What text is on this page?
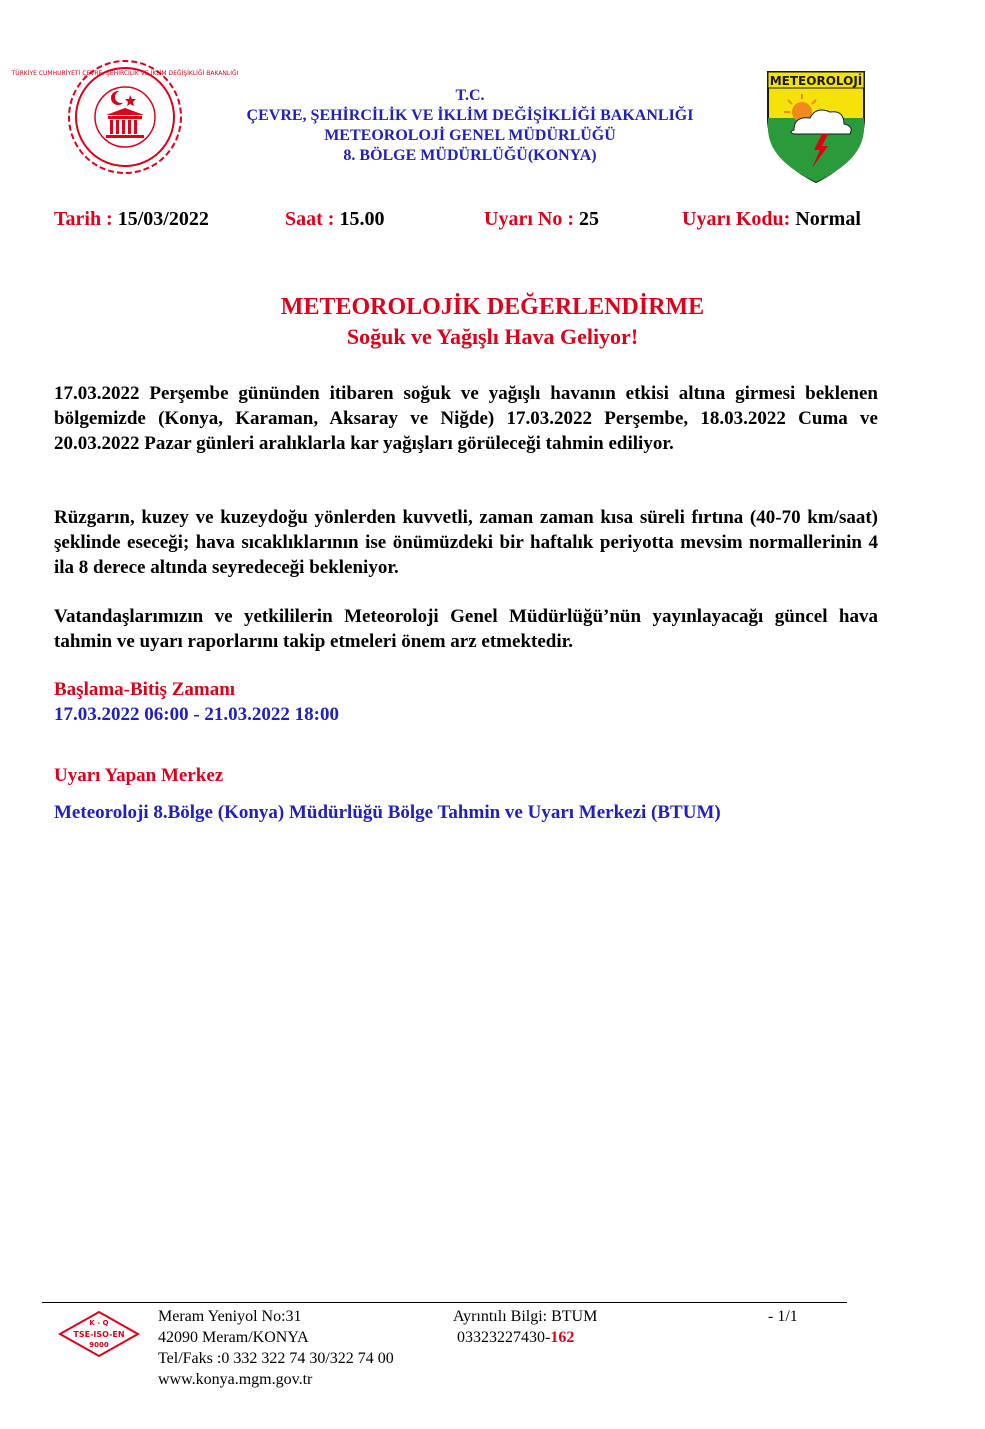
TÜRKİYE CUMHURİYETİ ÇEVRE, ŞEHİRCİLİK VE İKLİM DEĞİŞİKLİĞİ BAKANLIĞI
T.C.
ÇEVRE, ŞEHİRCİLİK VE İKLİM DEĞİŞİKLİĞİ BAKANLIĞI
METEOROLOJİ GENEL MÜDÜRLÜĞÜ
8. BÖLGE MÜDÜRLÜĞÜ(KONYA)
METEOROLOJİ
Tarih : 15/03/2022	Saat : 15.00	Uyarı No : 25	Uyarı Kodu: Normal
METEOROLOJİK DEĞERLENDİRME
Soğuk ve Yağışlı Hava Geliyor!

17.03.2022 Perşembe gününden itibaren soğuk ve yağışlı havanın etkisi altına girmesi beklenen bölgemizde (Konya, Karaman, Aksaray ve Niğde) 17.03.2022 Perşembe, 18.03.2022 Cuma ve 20.03.2022 Pazar günleri aralıklarla kar yağışları görüleceği tahmin ediliyor.

Rüzgarın, kuzey ve kuzeydoğu yönlerden kuvvetli, zaman zaman kısa süreli fırtına (40-70 km/saat) şeklinde eseceği; hava sıcaklıklarının ise önümüzdeki bir haftalık periyotta mevsim normallerinin 4 ila 8 derece altında seyredeceği bekleniyor.

Vatandaşlarımızın ve yetkililerin Meteoroloji Genel Müdürlüğü’nün yayınlayacağı güncel hava tahmin ve uyarı raporlarını takip etmeleri önem arz etmektedir.

Başlama-Bitiş Zamanı
17.03.2022 06:00 - 21.03.2022 18:00
Uyarı Yapan Merkez
Meteoroloji 8.Bölge (Konya) Müdürlüğü Bölge Tahmin ve Uyarı Merkezi (BTUM)
K - Q
TSE-ISO-EN
9000
Meram Yeniyol No:31
42090 Meram/KONYA
Tel/Faks :0 332 322 74 30/322 74 00
www.konya.mgm.gov.tr
Ayrıntılı Bilgi: BTUM
03323227430-162
- 1/1
